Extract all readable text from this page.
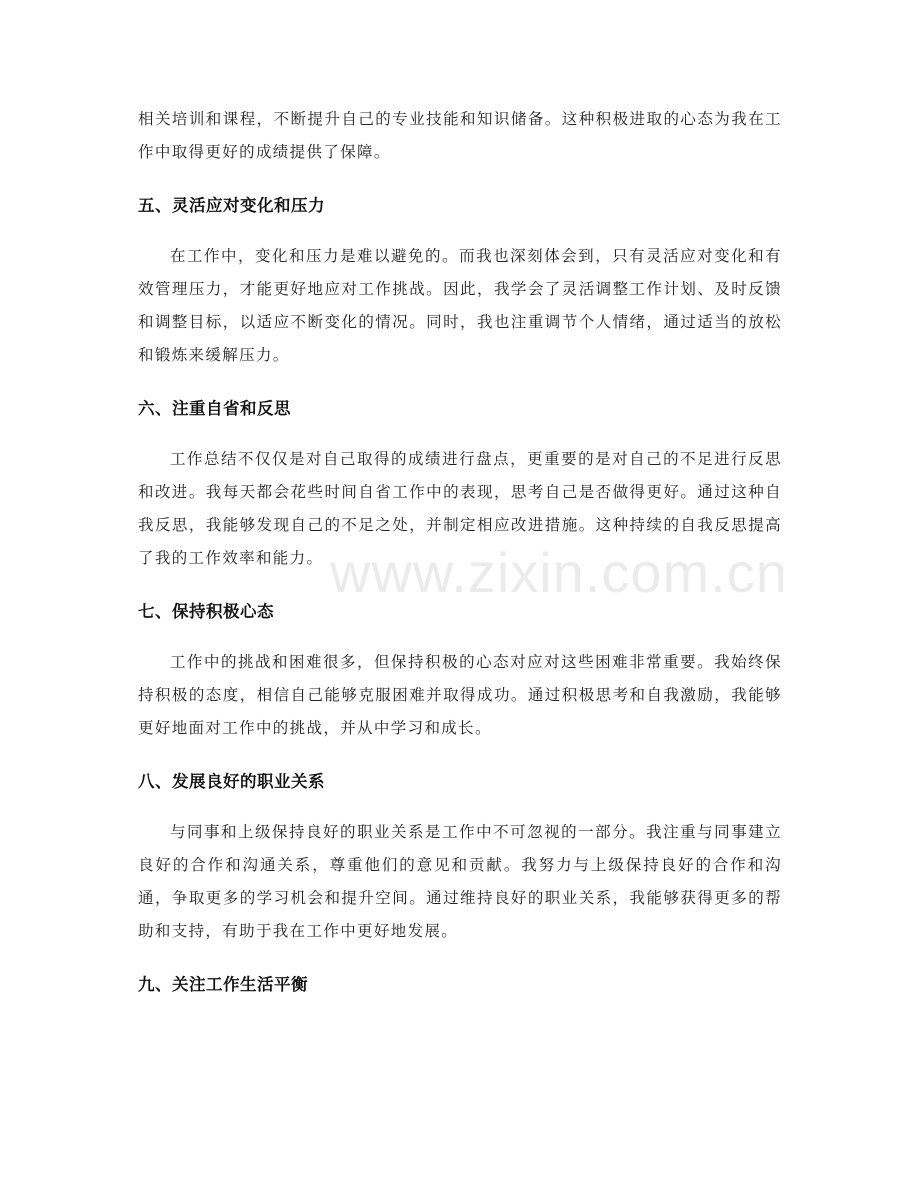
相关培训和课程，不断提升自己的专业技能和知识储备。这种积极进取的心态为我在工作中取得更好的成绩提供了保障。

五、灵活应对变化和压力

在工作中，变化和压力是难以避免的。而我也深刻体会到，只有灵活应对变化和有效管理压力，才能更好地应对工作挑战。因此，我学会了灵活调整工作计划、及时反馈和调整目标，以适应不断变化的情况。同时，我也注重调节个人情绪，通过适当的放松和锻炼来缓解压力。

六、注重自省和反思

工作总结不仅仅是对自己取得的成绩进行盘点，更重要的是对自己的不足进行反思和改进。我每天都会花些时间自省工作中的表现，思考自己是否做得更好。通过这种自我反思，我能够发现自己的不足之处，并制定相应改进措施。这种持续的自我反思提高了我的工作效率和能力。

七、保持积极心态

工作中的挑战和困难很多，但保持积极的心态对应对这些困难非常重要。我始终保持积极的态度，相信自己能够克服困难并取得成功。通过积极思考和自我激励，我能够更好地面对工作中的挑战，并从中学习和成长。

八、发展良好的职业关系

与同事和上级保持良好的职业关系是工作中不可忽视的一部分。我注重与同事建立良好的合作和沟通关系，尊重他们的意见和贡献。我努力与上级保持良好的合作和沟通，争取更多的学习机会和提升空间。通过维持良好的职业关系，我能够获得更多的帮助和支持，有助于我在工作中更好地发展。

九、关注工作生活平衡
www.zixin.com.cn
